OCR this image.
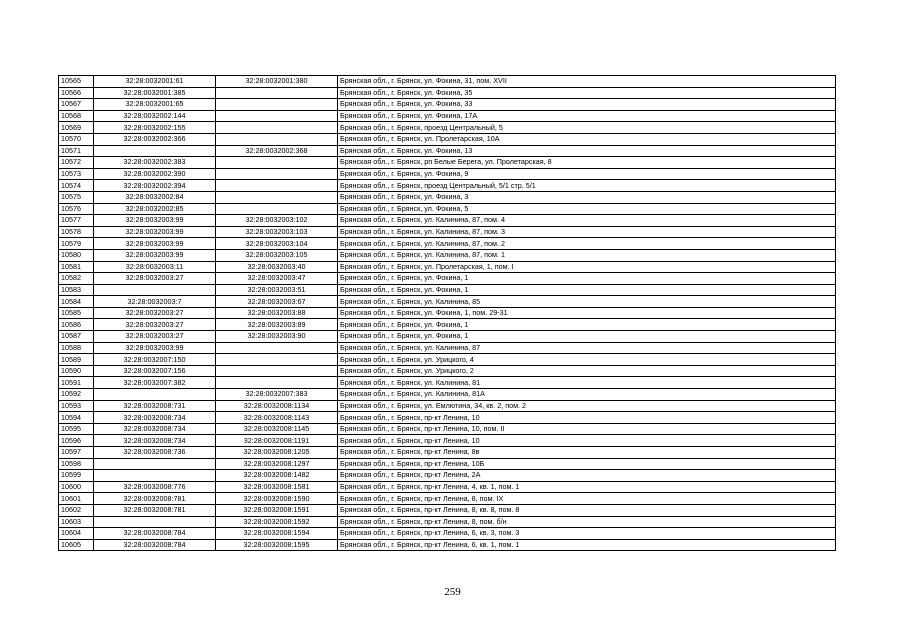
10565	32:28:0032001:61	32:28:0032001:380	Брянская обл., г. Брянск, ул. Фокина, 31, пом. XVII
10566	32:28:0032001:385		Брянская обл., г. Брянск, ул. Фокина, 35
10567	32:28:0032001:65		Брянская обл., г. Брянск, ул. Фокина, 33
10568	32:28:0032002:144		Брянская обл., г. Брянск, ул. Фокина, 17А
10569	32:28:0032002:155		Брянская обл., г. Брянск, проезд Центральный, 5
10570	32:28:0032002:366		Брянская обл., г. Брянск, ул. Пролетарская, 10А
10571		32:28:0032002:368	Брянская обл., г. Брянск, ул. Фокина, 13
10572	32:28:0032002:383		Брянская обл., г. Брянск, рп Белые Берега, ул. Пролетарская, 8
10573	32:28:0032002:390		Брянская обл., г. Брянск, ул. Фокина, 9
10574	32:28:0032002:394		Брянская обл., г. Брянск, проезд Центральный, 5/1 стр. 5/1
10575	32:28:0032002:84		Брянская обл., г. Брянск, ул. Фокина, 3
10576	32:28:0032002:85		Брянская обл., г. Брянск, ул. Фокина, 5
10577	32:28:0032003:99	32:28:0032003:102	Брянская обл., г. Брянск, ул. Калинина, 87, пом. 4
10578	32:28:0032003:99	32:28:0032003:103	Брянская обл., г. Брянск, ул. Калинина, 87, пом. 3
10579	32:28:0032003:99	32:28:0032003:104	Брянская обл., г. Брянск, ул. Калинина, 87, пом. 2
10580	32:28:0032003:99	32:28:0032003:105	Брянская обл., г. Брянск, ул. Калинина, 87, пом. 1
10581	32:28:0032003:11	32:28:0032003:40	Брянская обл., г. Брянск, ул. Пролетарская, 1, пом. I
10582	32:28:0032003:27	32:28:0032003:47	Брянская обл., г. Брянск, ул. Фокина, 1
10583		32:28:0032003:51	Брянская обл., г. Брянск, ул. Фокина, 1
10584	32:28:0032003:7	32:28:0032003:67	Брянская обл., г. Брянск, ул. Калинина, 85
10585	32:28:0032003:27	32:28:0032003:88	Брянская обл., г. Брянск, ул. Фокина, 1, пом. 29-31
10586	32:28:0032003:27	32:28:0032003:89	Брянская обл., г. Брянск, ул. Фокина, 1
10587	32:28:0032003:27	32:28:0032003:90	Брянская обл., г. Брянск, ул. Фокина, 1
10588	32:28:0032003:99		Брянская обл., г. Брянск, ул. Калинина, 87
10589	32:28:0032007:150		Брянская обл., г. Брянск, ул. Урицкого, 4
10590	32:28:0032007:156		Брянская обл., г. Брянск, ул. Урицкого, 2
10591	32:28:0032007:382		Брянская обл., г. Брянск, ул. Калинина, 81
10592		32:28:0032007:383	Брянская обл., г. Брянск, ул. Калинина, 81А
10593	32:28:0032008:731	32:28:0032008:1134	Брянская обл., г. Брянск, ул. Емлютина, 34, кв. 2, пом. 2
10594	32:28:0032008:734	32:28:0032008:1143	Брянская обл., г. Брянск, пр-кт Ленина, 10
10595	32:28:0032008:734	32:28:0032008:1145	Брянская обл., г. Брянск, пр-кт Ленина, 10, пом. II
10596	32:28:0032008:734	32:28:0032008:1191	Брянская обл., г. Брянск, пр-кт Ленина, 10
10597	32:28:0032008:736	32:28:0032008:1205	Брянская обл., г. Брянск, пр-кт Ленина, 8в
10598		32:28:0032008:1297	Брянская обл., г. Брянск, пр-кт Ленина, 10Б
10599		32:28:0032008:1482	Брянская обл., г. Брянск, пр-кт Ленина, 2А
10600	32:28:0032008:776	32:28:0032008:1581	Брянская обл., г. Брянск, пр-кт Ленина, 4, кв. 1, пом. 1
10601	32:28:0032008:781	32:28:0032008:1590	Брянская обл., г. Брянск, пр-кт Ленина, 8, пом. IX
10602	32:28:0032008:781	32:28:0032008:1591	Брянская обл., г. Брянск, пр-кт Ленина, 8, кв. 8, пом. 8
10603		32:28:0032008:1592	Брянская обл., г. Брянск, пр-кт Ленина, 8, пом. б/н
10604	32:28:0032008:784	32:28:0032008:1594	Брянская обл., г. Брянск, пр-кт Ленина, 6, кв. 3, пом. 3
10605	32:28:0032008:784	32:28:0032008:1595	Брянская обл., г. Брянск, пр-кт Ленина, 6, кв. 1, пом. 1
259
